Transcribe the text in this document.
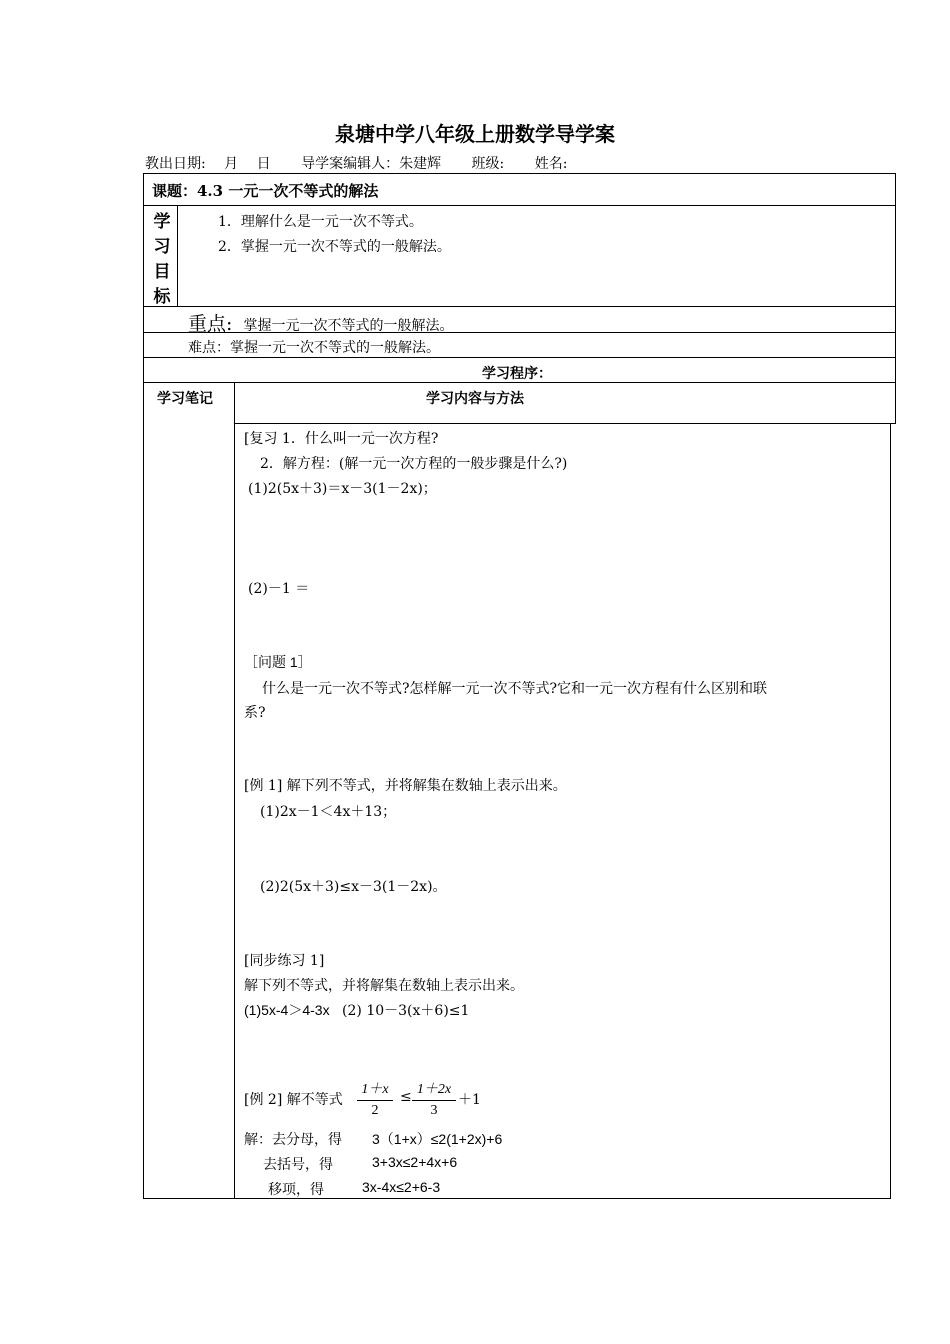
泉塘中学八年级上册数学导学案
教出日期: 月 日 导学案编辑人：朱建辉 班级: 姓名:
课题：4.3 一元一次不等式的解法
学
习
目
标
1．理解什么是一元一次不等式。
2．掌握一元一次不等式的一般解法。
重点: 掌握一元一次不等式的一般解法。
难点：掌握一元一次不等式的一般解法。
学习程序：
学习笔记	学习内容与方法
[复习 1．什么叫一元一次方程?
2．解方程：(解一元一次方程的一般步骤是什么?)
(1)2(5x＋3)＝x－3(1－2x)；
(2)－1 ＝
［问题 1］
什么是一元一次不等式?怎样解一元一次不等式?它和一元一次方程有什么区别和联
系?
[例 1] 解下列不等式，并将解集在数轴上表示出来。
(1)2x－1＜4x＋13；
(2)2(5x＋3)≤x－3(1－2x)。
[同步练习 1]
解下列不等式，并将解集在数轴上表示出来。
(1)5x-4＞4-3x (2) 10－3(x＋6)≤1
[例 2] 解不等式
1＋x
2
≤ 1＋2x
3
＋1
解：去分母，得 3（1+x）≤2(1+2x)+6
去括号，得	3+3x≤2+4x+6
移项，得	3x-4x≤2+6-3
